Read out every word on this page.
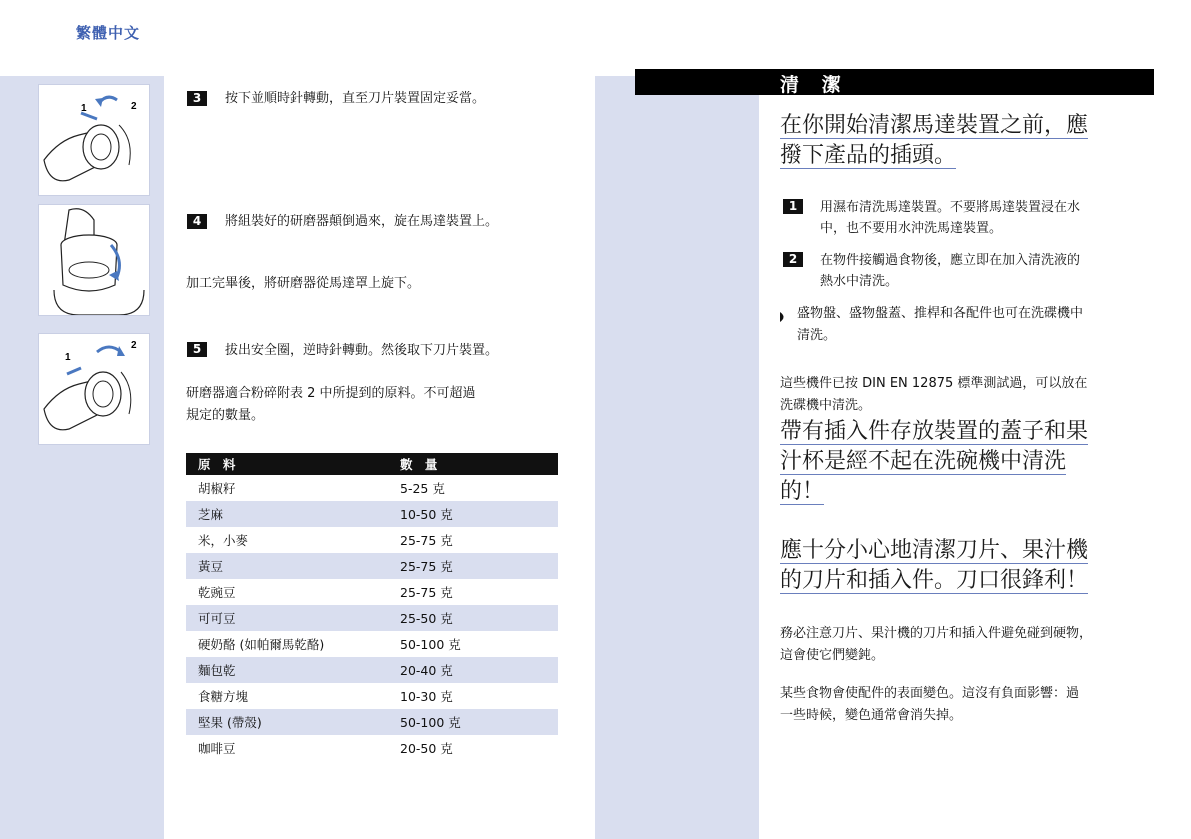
繁體中文
1	2
1
2
3	按下並順時針轉動，直至刀片裝置固定妥當。
4	將組裝好的研磨器顛倒過來，旋在馬達裝置上。
加工完畢後，將研磨器從馬達罩上旋下。
5	拔出安全圈，逆時針轉動。然後取下刀片裝置。
研磨器適合粉碎附表 2 中所提到的原料。不可超過
規定的數量。
原 料	數 量
胡椒籽	5-25 克
芝麻	10-50 克
米，小麥	25-75 克
黃豆	25-75 克
乾豌豆	25-75 克
可可豆	25-50 克
硬奶酪 (如帕爾馬乾酪)	50-100 克
麵包乾	20-40 克
食糖方塊	10-30 克
堅果 (帶殼)	50-100 克
咖啡豆	20-50 克
清 潔
在你開始清潔馬達裝置之前，應
撥下產品的插頭。
1	用濕布清洗馬達裝置。不要將馬達裝置浸在水
中，也不要用水沖洗馬達裝置。
2	在物件接觸過食物後，應立即在加入清洗液的
熱水中清洗。
盛物盤、盛物盤蓋、推桿和各配件也可在洗碟機中
清洗。
這些機件已按 DIN EN 12875 標準測試過，可以放在
洗碟機中清洗。
帶有插入件存放裝置的蓋子和果
汁杯是經不起在洗碗機中清洗
的！
應十分小心地清潔刀片、果汁機
的刀片和插入件。刀口很鋒利！
務必注意刀片、果汁機的刀片和插入件避免碰到硬物，
這會使它們變鈍。
某些食物會使配件的表面變色。這沒有負面影響：過
一些時候，變色通常會消失掉。
